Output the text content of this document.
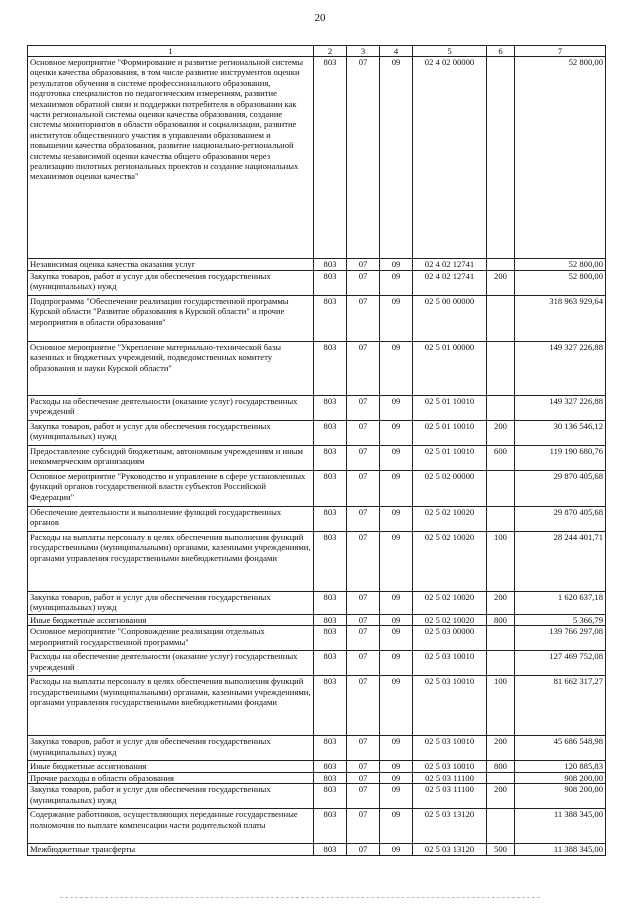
20
1	2	3	4	5	6	7
Основное мероприятие "Формирование и развитие региональной системы оценки качества образования, в том числе развитие инструментов оценки результатов обучения в системе профессионального образования, подготовка специалистов по педагогическим измерениям, развитие механизмов обратной связи и поддержки потребителя в образовании как части региональной системы оценки качества образования, создание системы мониторингов в области образования и социализации, развитие институтов общественного участия в управлении образованием и повышении качества образования, развитие национально-региональной системы независимой оценки качества общего образования через реализацию пилотных региональных проектов и создание национальных механизмов оценки качества"	803	07	09	02 4 02 00000		52 800,00
Независимая оценка качества оказания услуг	803	07	09	02 4 02 12741		52 800,00
Закупка товаров, работ и услуг для обеспечения государственных (муниципальных) нужд	803	07	09	02 4 02 12741	200	52 800,00
Подпрограмма "Обеспечение реализации государственной программы Курской области "Развитие образования в Курской области" и прочие мероприятия в области образования"	803	07	09	02 5 00 00000		318 963 929,64
Основное мероприятие "Укрепление материально-технической базы казенных и бюджетных учреждений, подведомственных комитету образования и науки Курской области"	803	07	09	02 5 01 00000		149 327 226,88
Расходы на обеспечение деятельности (оказание услуг) государственных учреждений	803	07	09	02 5 01 10010		149 327 226,88
Закупка товаров, работ и услуг для обеспечения государственных (муниципальных) нужд	803	07	09	02 5 01 10010	200	30 136 546,12
Предоставление субсидий бюджетным, автономным учреждениям и иным некоммерческим организациям	803	07	09	02 5 01 10010	600	119 190 680,76
Основное мероприятие "Руководство и управление в сфере установленных функций органов государственной власти субъектов Российской Федерации"	803	07	09	02 5 02 00000		29 870 405,68
Обеспечение деятельности и выполнение функций государственных органов	803	07	09	02 5 02 10020		29 870 405,68
Расходы на выплаты персоналу в целях обеспечения выполнения функций государственными (муниципальными) органами, казенными учреждениями, органами управления государственными внебюджетными фондами	803	07	09	02 5 02 10020	100	28 244 401,71
Закупка товаров, работ и услуг для обеспечения государственных (муниципальных) нужд	803	07	09	02 5 02 10020	200	1 620 637,18
Иные бюджетные ассигнования	803	07	09	02 5 02 10020	800	5 366,79
Основное мероприятие "Сопровождение реализации отдельных мероприятий государственной программы"	803	07	09	02 5 03 00000		139 766 297,08
Расходы на обеспечение деятельности (оказание услуг) государственных учреждений	803	07	09	02 5 03 10010		127 469 752,08
Расходы на выплаты персоналу в целях обеспечения выполнения функций государственными (муниципальными) органами, казенными учреждениями, органами управления государственными внебюджетными фондами	803	07	09	02 5 03 10010	100	81 662 317,27
Закупка товаров, работ и услуг для обеспечения государственных (муниципальных) нужд	803	07	09	02 5 03 10010	200	45 686 548,98
Иные бюджетные ассигнования	803	07	09	02 5 03 10010	800	120 885,83
Прочие расходы в области образования	803	07	09	02 5 03 11100		908 200,00
Закупка товаров, работ и услуг для обеспечения государственных (муниципальных) нужд	803	07	09	02 5 03 11100	200	908 200,00
Содержание работников, осуществляющих переданные государственные полномочия по выплате компенсации части родительской платы	803	07	09	02 5 03 13120		11 388 345,00
Межбюджетные трансферты	803	07	09	02 5 03 13120	500	11 388 345,00
